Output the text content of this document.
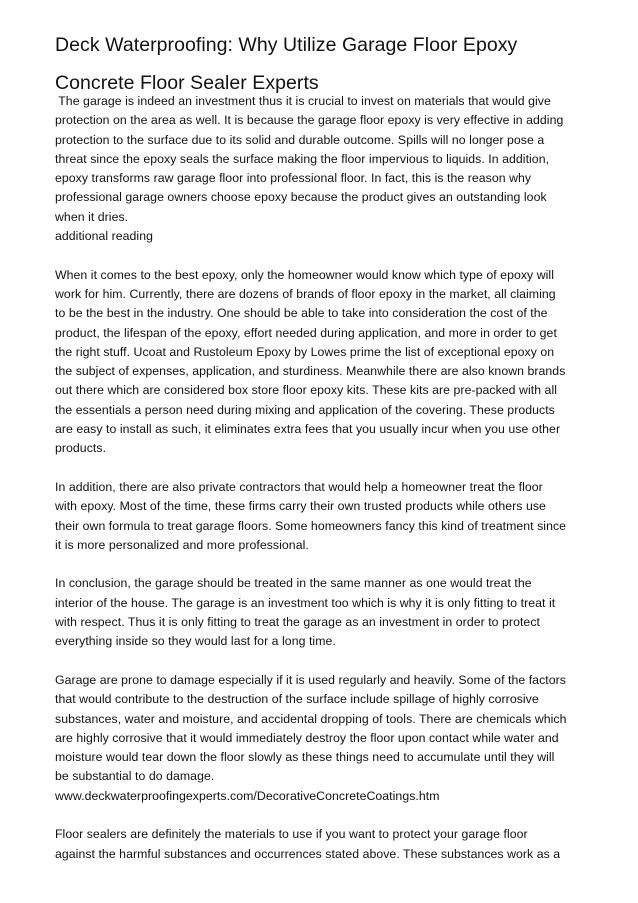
Deck Waterproofing: Why Utilize Garage Floor Epoxy
Concrete Floor Sealer Experts
The garage is indeed an investment thus it is crucial to invest on materials that would give
protection on the area as well. It is because the garage floor epoxy is very effective in adding
protection to the surface due to its solid and durable outcome. Spills will no longer pose a
threat since the epoxy seals the surface making the floor impervious to liquids. In addition,
epoxy transforms raw garage floor into professional floor. In fact, this is the reason why
professional garage owners choose epoxy because the product gives an outstanding look
when it dries.
additional reading
When it comes to the best epoxy, only the homeowner would know which type of epoxy will
work for him. Currently, there are dozens of brands of floor epoxy in the market, all claiming
to be the best in the industry. One should be able to take into consideration the cost of the
product, the lifespan of the epoxy, effort needed during application, and more in order to get
the right stuff. Ucoat and Rustoleum Epoxy by Lowes prime the list of exceptional epoxy on
the subject of expenses, application, and sturdiness. Meanwhile there are also known brands
out there which are considered box store floor epoxy kits. These kits are pre-packed with all
the essentials a person need during mixing and application of the covering. These products
are easy to install as such, it eliminates extra fees that you usually incur when you use other
products.
In addition, there are also private contractors that would help a homeowner treat the floor
with epoxy. Most of the time, these firms carry their own trusted products while others use
their own formula to treat garage floors. Some homeowners fancy this kind of treatment since
it is more personalized and more professional.
In conclusion, the garage should be treated in the same manner as one would treat the
interior of the house. The garage is an investment too which is why it is only fitting to treat it
with respect. Thus it is only fitting to treat the garage as an investment in order to protect
everything inside so they would last for a long time.
Garage are prone to damage especially if it is used regularly and heavily. Some of the factors
that would contribute to the destruction of the surface include spillage of highly corrosive
substances, water and moisture, and accidental dropping of tools. There are chemicals which
are highly corrosive that it would immediately destroy the floor upon contact while water and
moisture would tear down the floor slowly as these things need to accumulate until they will
be substantial to do damage.
www.deckwaterproofingexperts.com/DecorativeConcreteCoatings.htm
Floor sealers are definitely the materials to use if you want to protect your garage floor
against the harmful substances and occurrences stated above. These substances work as a
